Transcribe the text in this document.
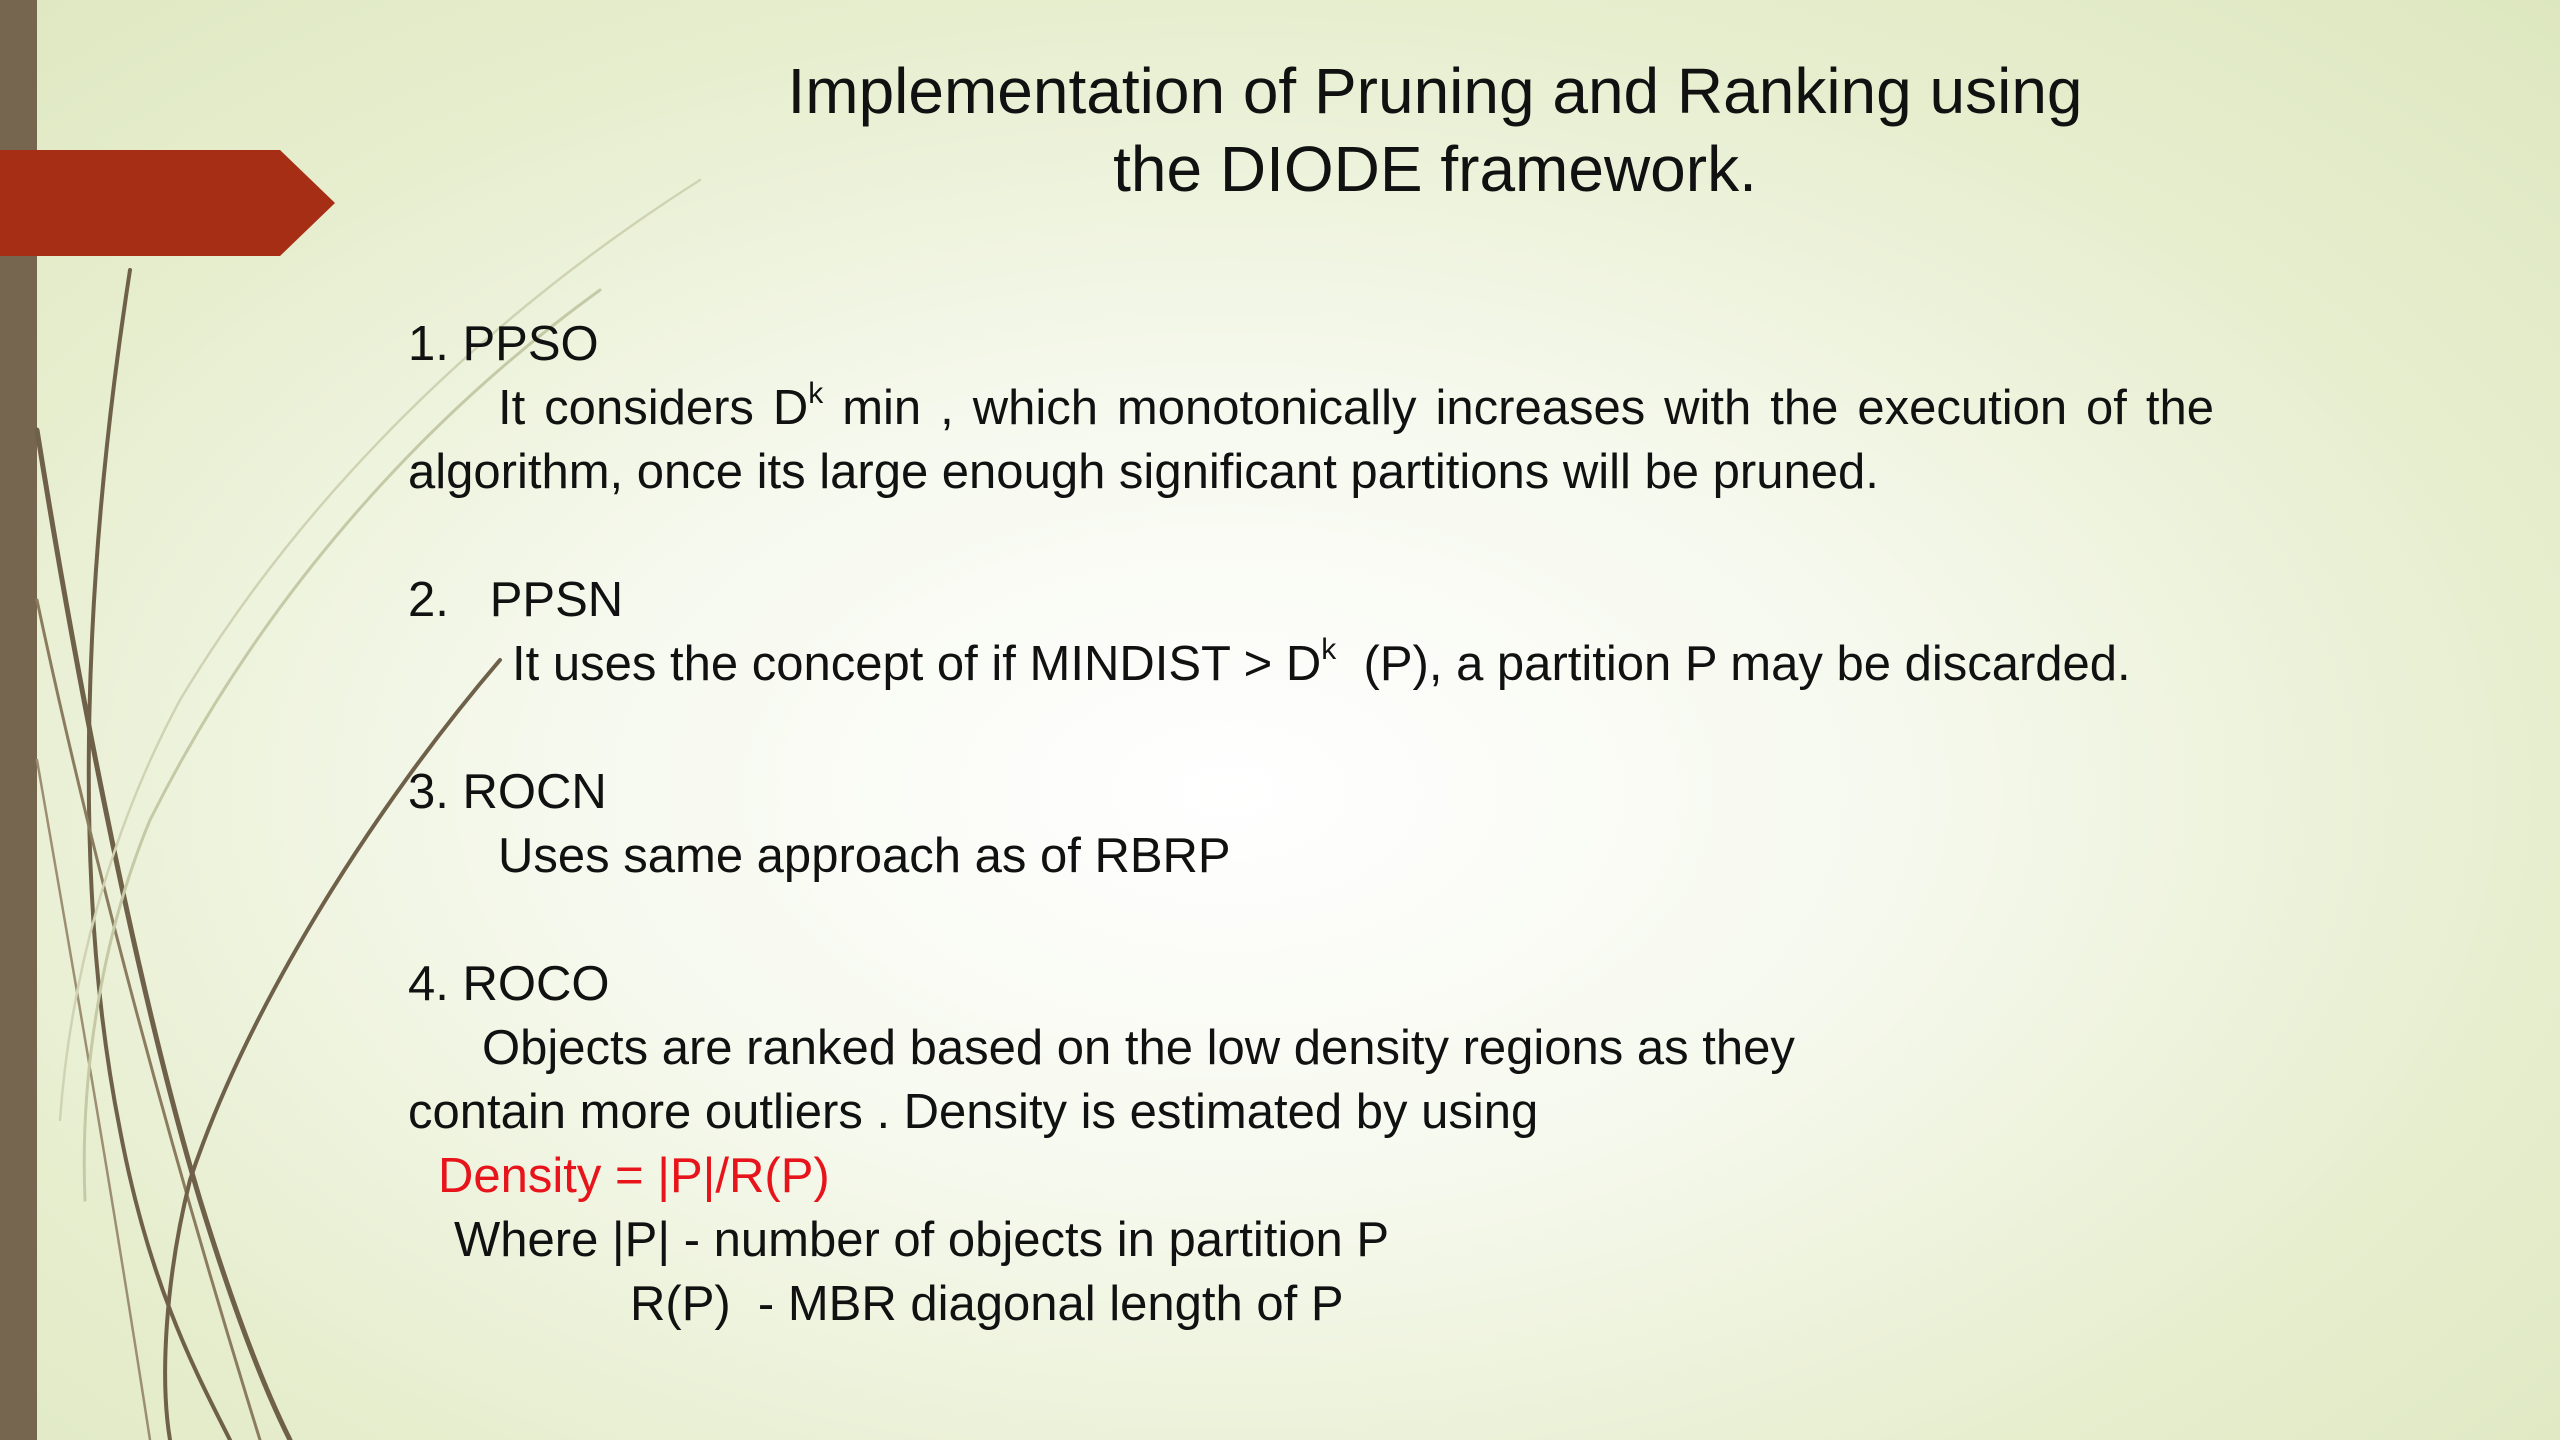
Implementation of Pruning and Ranking using
the DIODE framework.

1. PPSO

It considers $D^k$ min , which monotonically increases with the execution of the algorithm, once its large enough significant partitions will be pruned.

2.   PPSN

It uses the concept of if MINDIST > $D^k$  (P), a partition P may be discarded.

3. ROCN

Uses same approach as of RBRP

4. ROCO

Objects are ranked based on the low density regions as they contain more outliers . Density is estimated by using

Density = |P|/R(P)

Where |P| - number of objects in partition P

R(P)  - MBR diagonal length of P
